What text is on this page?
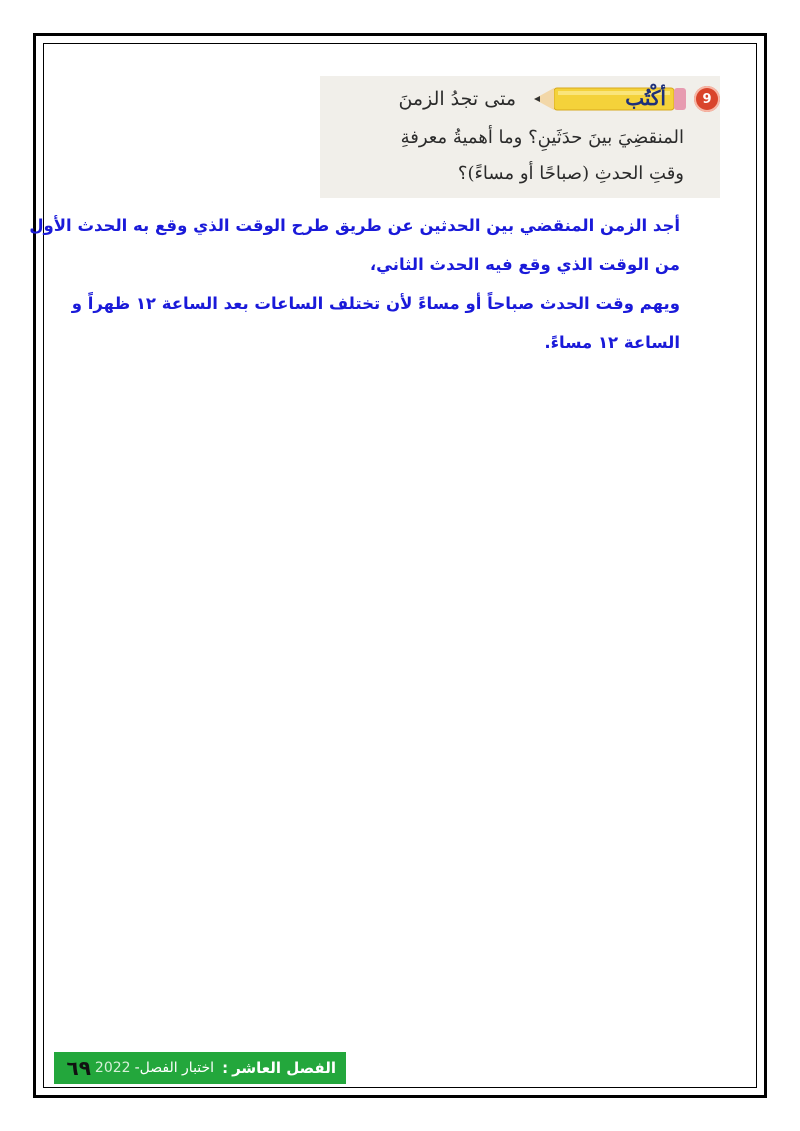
9
أكْتُب
متى تجدُ الزمنَ
المنقضِيَ بينَ حدَثَينِ؟ وما أهميةُ معرفةِ
وقتِ الحدثِ (صباحًا أو مساءً)؟

أجد الزمن المنقضي بين الحدثين عن طريق طرح الوقت الذي وقع به الحدث الأول

من الوقت الذي وقع فيه الحدث الثاني،

ويهم وقت الحدث صباحاً أو مساءً لأن تختلف الساعات بعد الساعة ١٢ ظهراً و

الساعة ١٢ مساءً.

الفصل العاشر
:
اختبار الفصل-
2022
٦٩
